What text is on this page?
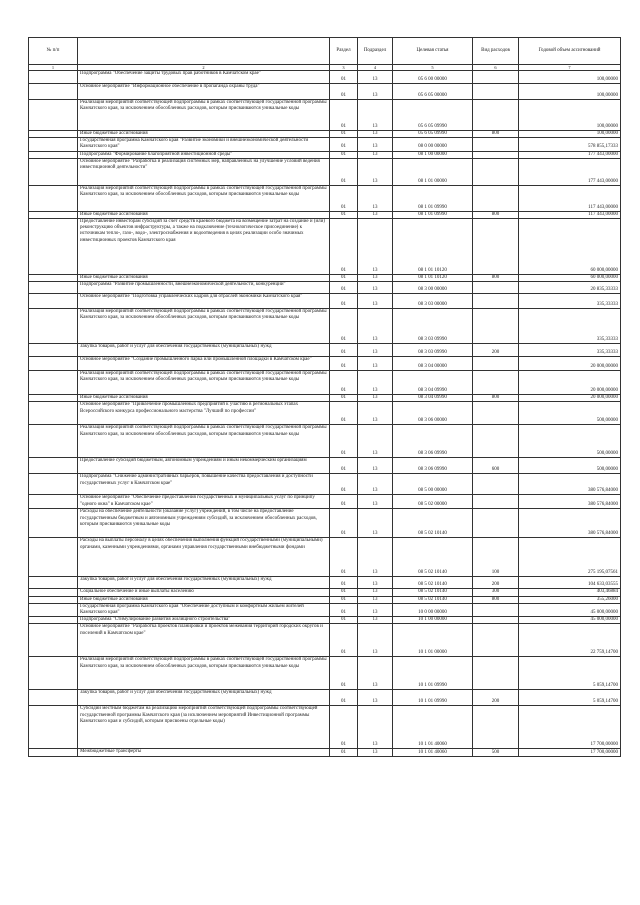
№ п/п		Раздел	Подраздел	Целевая статья	Вид расходов	Годовой объем ассигнований
1	2	3	4	5	6	7
	Подпрограмма "Обеспечение защиты трудовых прав работников в Камчатском крае"	01	13	05 6 00 00000		100,00000
	Основное мероприятие "Информационное обеспечение в пропаганда охраны труда"	01	13	05 6 05 00000		100,00000
	Реализация мероприятий соответствующей подпрограммы в рамках соответствующей государственной программы Камчатского края, за исключением обособленных расходов, которым присваиваются уникальные коды	01	13	05 6 05 09990		100,00000
	Иные бюджетные ассигнования	01	13	05 6 05 09990	800	100,00000
	Государственная программа Камчатского края "Развитие экономики и внешнеэкономической деятельности Камчатского края"	01	13	08 0 00 00000		578 855,17333
	Подпрограмма "Формирование благоприятной инвестиционной среды"	01	13	08 1 00 00000		177 443,00000
	Основное мероприятие "Разработка и реализация системных мер, направленных на улучшение условий ведения инвестиционной деятельности"	01	13	08 1 01 00000		177 443,00000
	Реализация мероприятий соответствующей подпрограммы в рамках соответствующей государственной программы Камчатского края, за исключением обособленных расходов, которым присваиваются уникальные коды	01	13	08 1 01 09990		117 443,00000
	Иные бюджетные ассигнования	01	13	08 1 01 09990	800	117 443,00000
	Предоставление инвесторам субсидий за счет средств краевого бюджета на возмещение затрат на создание и (или) реконструкцию объектов инфраструктуры, а также на подключение (технологическое присоединение) к источникам тепло-, газо-, водо-, электроснабжения и водоотведения в целях реализации особо значимых инвестиционных проектов Камчатского края	01	13	08 1 01 10120		60 000,00000
	Иные бюджетные ассигнования	01	13	08 1 01 10120	800	60 000,00000
	Подпрограмма "Развитие промышленности, внешнеэкономической деятельности, конкуренции"	01	13	08 3 00 00000		20 835,33333
	Основное мероприятие "Подготовка управленческих кадров для отраслей экономики Камчатского края"	01	13	08 3 03 00000		335,33333
	Реализация мероприятий соответствующей подпрограммы в рамках соответствующей государственной программы Камчатского края, за исключением обособленных расходов, которым присваиваются уникальные коды	01	13	08 3 03 09990		335,33333
	Закупка товаров, работ и услуг для обеспечения государственных (муниципальных) нужд	01	13	08 3 03 09990	200	335,33333
	Основное мероприятие "Создание промышленного парка или промышленной площадки в Камчатском крае"	01	13	08 3 04 00000		20 000,00000
	Реализация мероприятий соответствующей подпрограммы в рамках соответствующей государственной программы Камчатского края, за исключением обособленных расходов, которым присваиваются уникальные коды	01	13	08 3 04 09990		20 000,00000
	Иные бюджетные ассигнования	01	13	08 3 04 09990	800	20 000,00000
	Основное мероприятие "Привлечение промышленных предприятий к участию в региональных этапах Всероссийского конкурса профессионального мастерства "Лучший по профессии"	01	13	08 3 06 00000		500,00000
	Реализация мероприятий соответствующей подпрограммы в рамках соответствующей государственной программы Камчатского края, за исключением обособленных расходов, которым присваиваются уникальные коды	01	13	08 3 06 09990		500,00000
	Предоставление субсидий бюджетным, автономным учреждениям и иным некоммерческим организациям	01	13	08 3 06 09990	600	500,00000
	Подпрограмма "Снижение административных барьеров, повышение качества предоставления и доступности государственных услуг в Камчатском крае"	01	13	08 5 00 00000		380 576,84000
	Основное мероприятие "Обеспечение предоставления государственных и муниципальных услуг по принципу "одного окна" в Камчатском крае"	01	13	08 5 02 00000		380 576,84000
	Расходы на обеспечение деятельности (оказание услуг) учреждений, в том числе на предоставление государственным бюджетным и автономным учреждениям субсидий, за исключением обособленных расходов, которым присваиваются уникальные коды	01	13	08 5 02 10140		380 576,84000
	Расходы на выплаты персоналу в целях обеспечения выполнения функций государственными (муниципальными) органами, казенными учреждениями, органами управления государственными внебюджетными фондами	01	13	08 5 02 10140	100	275 195,07561
	Закупка товаров, работ и услуг для обеспечения государственных (муниципальных) нужд	01	13	08 5 02 10140	200	104 633,03555
	Социальное обеспечение и иные выплаты населению	01	13	08 5 02 10140	300	403,46884
	Иные бюджетные ассигнования	01	13	08 5 02 10140	800	355,26000
	Государственная программа Камчатского края "Обеспечение доступным и комфортным жильем жителей Камчатского края"	01	13	10 0 00 00000		45 000,00000
	Подпрограмма "Стимулирование развития жилищного строительства"	01	13	10 1 00 00000		45 000,00000
	Основное мероприятие "Разработка проектов планировки и проектов межевания территорий городских округов и поселений в Камчатском крае"	01	13	10 1 01 00000		22 759,14700
	Реализация мероприятий соответствующей подпрограммы в рамках соответствующей государственной программы Камчатского края, за исключением обособленных расходов, которым присваиваются уникальные коды	01	13	10 1 01 09990		5 059,14700
	Закупка товаров, работ и услуг для обеспечения государственных (муниципальных) нужд	01	13	10 1 01 09990	200	5 059,14700
	Субсидии местным бюджетам на реализацию мероприятий соответствующей подпрограммы соответствующей государственной программы Камчатского края (за исключением мероприятий Инвестиционной программы Камчатского края и субсидий, которым присвоены отдельные коды)	01	13	10 1 01 40060		17 700,00000
	Межбюджетные трансферты	01	13	10 1 01 40060	500	17 700,00000
